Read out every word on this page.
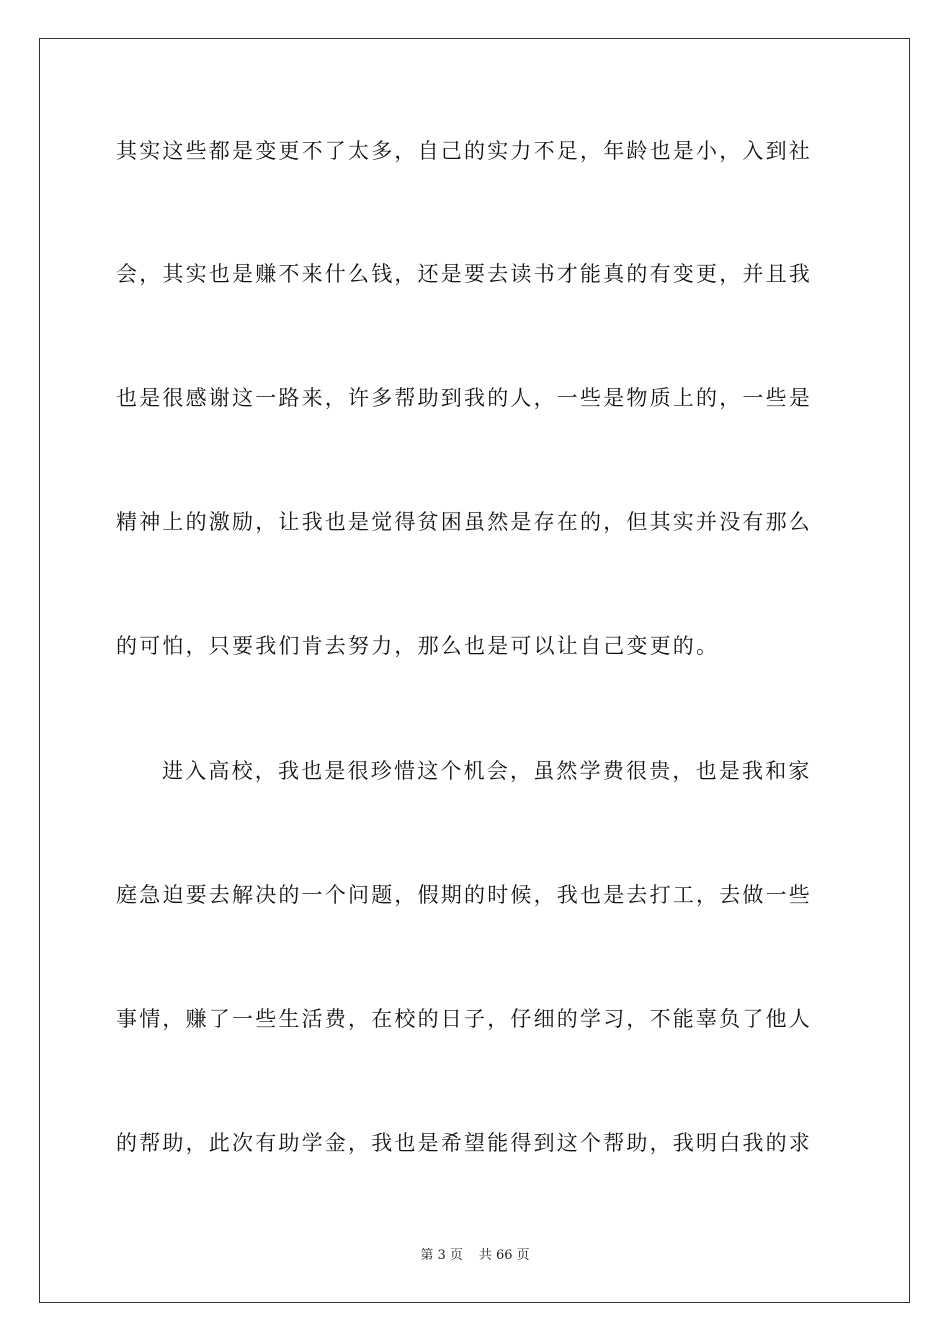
其实这些都是变更不了太多，自己的实力不足，年龄也是小，入到社
会，其实也是赚不来什么钱，还是要去读书才能真的有变更，并且我
也是很感谢这一路来，许多帮助到我的人，一些是物质上的，一些是
精神上的激励，让我也是觉得贫困虽然是存在的，但其实并没有那么
的可怕，只要我们肯去努力，那么也是可以让自己变更的。
进入高校，我也是很珍惜这个机会，虽然学费很贵，也是我和家
庭急迫要去解决的一个问题，假期的时候，我也是去打工，去做一些
事情，赚了一些生活费，在校的日子，仔细的学习，不能辜负了他人
的帮助，此次有助学金，我也是希望能得到这个帮助，我明白我的求
第 3 页 共 66 页
